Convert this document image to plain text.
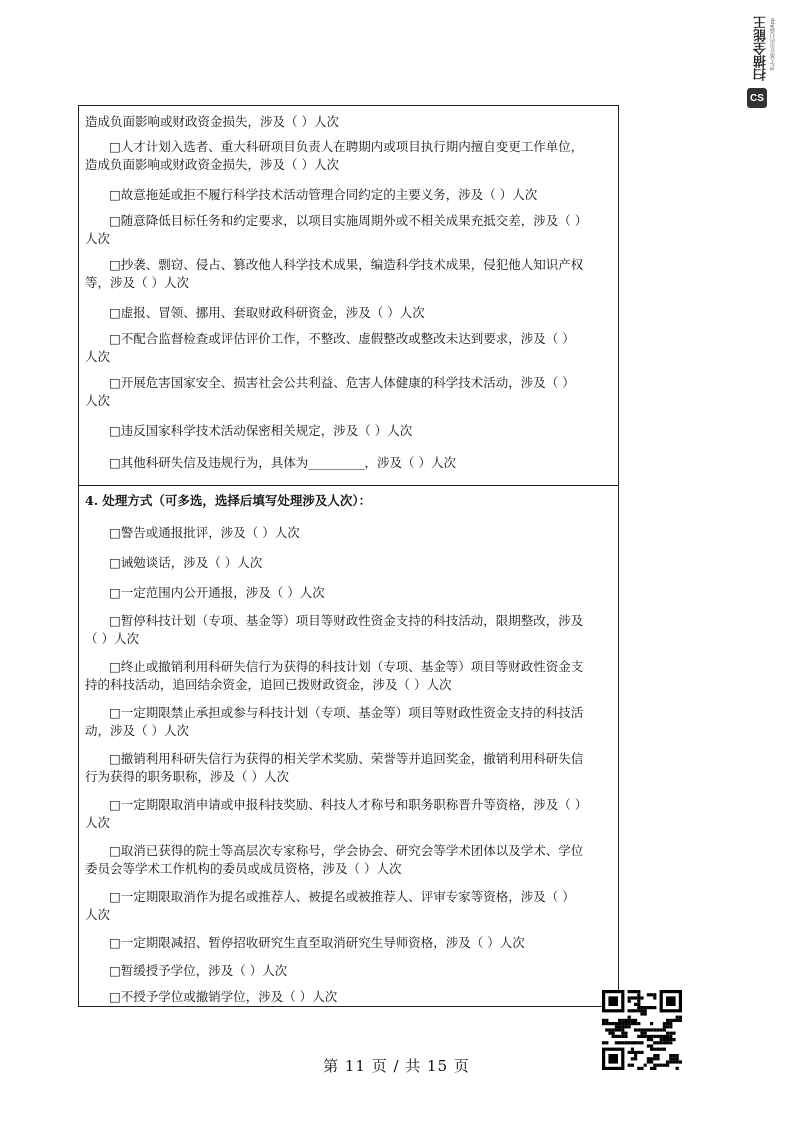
扫描全能王 3亿人都在用的扫描App
CS
造成负面影响或财政资金损失，涉及（ ）人次
□人才计划入选者、重大科研项目负责人在聘期内或项目执行期内擅自变更工作单位，
造成负面影响或财政资金损失，涉及（ ）人次
□故意拖延或拒不履行科学技术活动管理合同约定的主要义务，涉及（ ）人次
□随意降低目标任务和约定要求，以项目实施周期外或不相关成果充抵交差，涉及（ ）
人次
□抄袭、剽窃、侵占、篡改他人科学技术成果，编造科学技术成果，侵犯他人知识产权
等，涉及（ ）人次
□虚报、冒领、挪用、套取财政科研资金，涉及（ ）人次
□不配合监督检查或评估评价工作，不整改、虚假整改或整改未达到要求，涉及（ ）
人次
□开展危害国家安全、损害社会公共利益、危害人体健康的科学技术活动，涉及（ ）
人次
□违反国家科学技术活动保密相关规定，涉及（ ）人次
□其他科研失信及违规行为，具体为_________，涉及（ ）人次
4. 处理方式（可多选，选择后填写处理涉及人次）：
□警告或通报批评，涉及（ ）人次
□诫勉谈话，涉及（ ）人次
□一定范围内公开通报，涉及（ ）人次
□暂停科技计划（专项、基金等）项目等财政性资金支持的科技活动，限期整改，涉及
（ ）人次
□终止或撤销利用科研失信行为获得的科技计划（专项、基金等）项目等财政性资金支
持的科技活动，追回结余资金，追回已拨财政资金，涉及（ ）人次
□一定期限禁止承担或参与科技计划（专项、基金等）项目等财政性资金支持的科技活
动，涉及（ ）人次
□撤销利用科研失信行为获得的相关学术奖励、荣誉等并追回奖金，撤销利用科研失信
行为获得的职务职称，涉及（ ）人次
□一定期限取消申请或申报科技奖励、科技人才称号和职务职称晋升等资格，涉及（ ）
人次
□取消已获得的院士等高层次专家称号，学会协会、研究会等学术团体以及学术、学位
委员会等学术工作机构的委员或成员资格，涉及（ ）人次
□一定期限取消作为提名或推荐人、被提名或被推荐人、评审专家等资格，涉及（ ）
人次
□一定期限减招、暂停招收研究生直至取消研究生导师资格，涉及（ ）人次
□暂缓授予学位，涉及（ ）人次
□不授予学位或撤销学位，涉及（ ）人次
第 11 页 / 共 15 页
